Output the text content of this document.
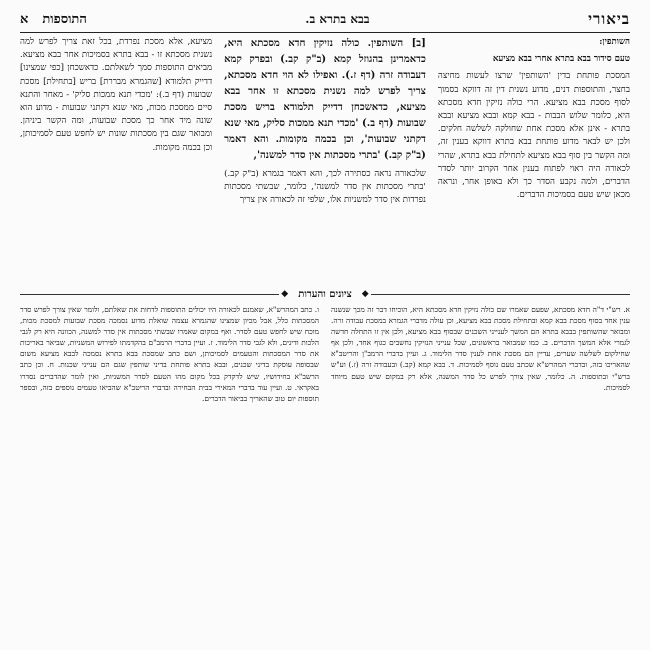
ביאורי
בבא בתרא ב.
התוספות
א

השותפין:

טעם סידור בבא בתרא אחרי בבא מציעא

המסכת פותחת בדין 'השותפין' שרצו לעשות מחיצה בחצר, והתוספות דנים, מדוע נשנית דין זה דווקא בסמוך לסוף מסכת בבא מציעא. הרי כולה נזיקין חדא מסכתא היא, כלומר שלוש הבבות - בבא קמא ובבא מציעא ובבא בתרא - אינן אלא מסכת אחת שחולקה לשלשה חלקים. ולכן יש לבאר מדוע פותחת בבא בתרא דווקא בענין זה, ומה הקשר בין סוף בבא מציעא לתחילת בבא בתרא, שהרי לכאורה היה ראוי לפתוח בענין אחר הקרוב יותר לסדר הדברים, ולמה נקבע הסדר כך ולא באופן אחר, ונראה מכאן שיש טעם בסמיכות הדברים.

[ב] השותפין. כולה נזיקין חדא מסכתא היא, כדאמרינן בהגוזל קמא (ב"ק קב.) ובפרק קמא דעבודה זרה (דף ז.). ואפילו לא הוי חדא מסכתא, צריך לפרש למה נשנית מסכתא זו אחר בבא מציעא, כדאשכחן דדייק תלמודא בריש מסכת שבועות (דף ב.) 'מכדי תנא ממכות סליק, מאי שנא דקתני שבועות', וכן בכמה מקומות. והא דאמר (ב"ק קב.) 'בתרי מסכתות אין סדר למשנה',

שלכאורה נראה כסתירה לכך, והא דאמר בגמרא (ב"ק קב.) 'בתרי מסכתות אין סדר למשנה', כלומר, שבשתי מסכתות נפרדות אין סדר למשניות אלו, שלפי זה לכאורה אין צריך

מציעא, אלא מסכת נפרדת, בכל זאת צריך לפרש למה נשנית מסכתא זו - בבא בתרא בסמיכות אחר בבא מציעא. מביאים התוספות סמך לשאלתם. כדאשכחן [כפי שמצינו] דדייק תלמודא [שהגמרא מבררת] בריש [בתחילת] מסכת שבועות (דף ב.): 'מכדי תנא ממכות סליק' - מאחר והתנא סיים ממסכת מכות, מאי שנא דקתני שבועות - מדוע הוא שונה מיד אחר כך מסכת שבועות, ומה הקשר ביניהן. ומבואר שגם בין מסכתות שונות יש לחפש טעם לסמיכותן, וכן בכמה מקומות.

◆
ציונים והערות
◆

א. רש"י ד"ה חדא מסכתא, שפעם שאמרו שם כולה נזיקין חדא מסכתא היא, הוכיחו דבר זה מכך שנשנה ענין אחד בסוף מסכת בבא קמא ובתחילת מסכת בבא מציעא, וכן עולה מדברי הגמרא במסכת עבודה זרה. ומבואר שהשותפין בבבא בתרא הם המשך לענייני השכנים שבסוף בבא מציעא, ולכן אין זו התחלה חדשה לגמרי אלא המשך הדברים. ב. כמו שמבואר בראשונים, שכל ענייני הנזיקין נחשבים כגוף אחד, ולכן אף שחילקום לשלשה שערים, עדיין הם מסכת אחת לענין סדר הלימוד. ג. ועיין בדברי הרמב"ן והריטב"א שהאריכו בזה, ובדברי המהרש"א שכתב טעם נוסף לסמיכות. ד. בבא קמא (קב.) ובעבודה זרה (ז.) וע"ש ברש"י ובתוספות. ה. כלומר, שאין צורך לפרש כל סדר המשנה, אלא רק במקום שיש טעם מיוחד לסמיכות.

ו. כתב המהרש"א, שאמנם לכאורה היו יכולים התוספות לדחות את שאלתם, ולומר שאין צורך לפרש סדר המסכתות כלל, אבל מכיון שמצינו שהגמרא עצמה שואלת מדוע נסמכה מסכת שבועות למסכת מכות, מוכח שיש לחפש טעם לסדר. ואף במקום שאמרו שבשתי מסכתות אין סדר למשנה, הכוונה היא רק לגבי הלכות ודינים, ולא לגבי סדר הלימוד. ז. ועיין בדברי הרמב"ם בהקדמתו לפירוש המשניות, שביאר באריכות את סדר המסכתות והטעמים לסמיכותן, ושם כתב שמסכת בבא בתרא נסמכה לבבא מציעא משום שבסופה עוסקת בדיני שכנים, ובבא בתרא פותחת בדיני שותפין שגם הם ענייני שכנות. ח. וכן כתב הרשב"א בחידושיו, שיש לדקדק בכל מקום מהו הטעם לסדר המשניות, ואין לומר שהדברים נסדרו באקראי. ט. ועיין עוד בדברי המאירי בבית הבחירה ובדברי הריטב"א שהביאו טעמים נוספים בזה, ובספר תוספות יום טוב שהאריך בביאור הדברים.
